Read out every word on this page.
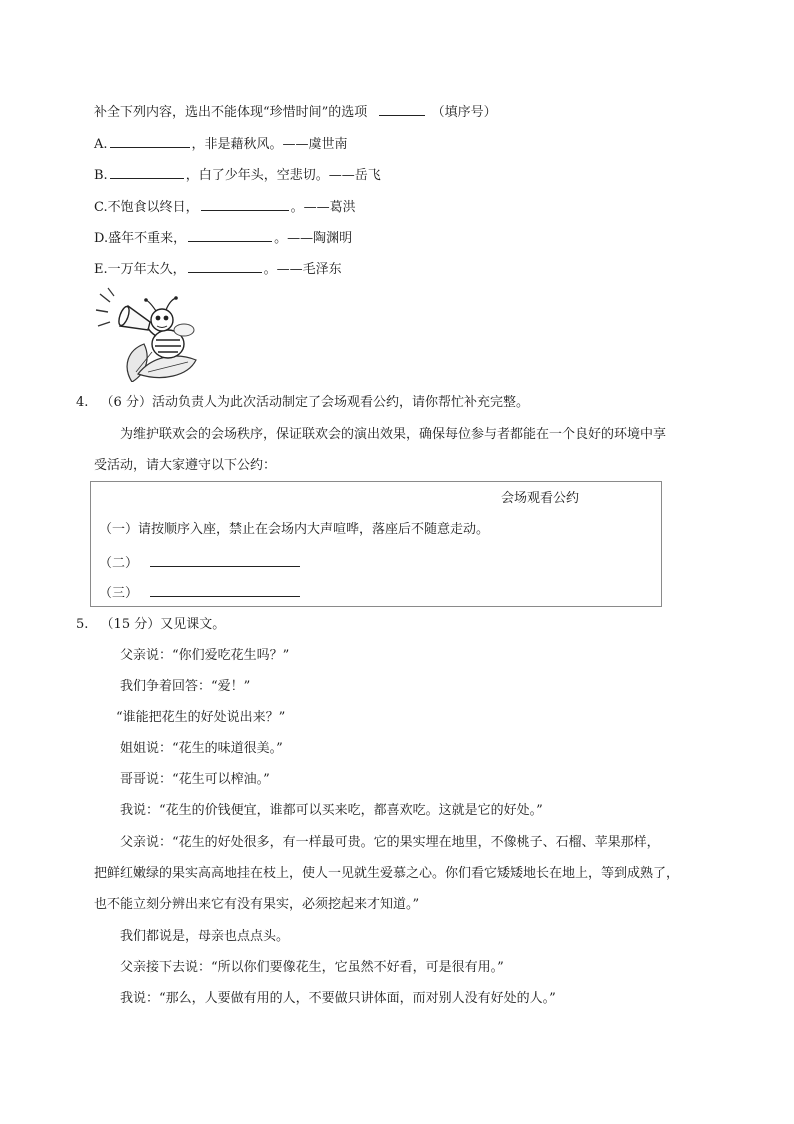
补全下列内容，选出不能体现“珍惜时间”的选项	（填序号）
A.	，非是藉秋风。——虞世南
B.	，白了少年头，空悲切。——岳飞
C.不饱食以终日，	。——葛洪
D.盛年不重来，	。——陶渊明
E.一万年太久，	。——毛泽东
4. （6 分）活动负责人为此次活动制定了会场观看公约，请你帮忙补充完整。
为维护联欢会的会场秩序，保证联欢会的演出效果，确保每位参与者都能在一个良好的环境中享
受活动，请大家遵守以下公约：
会场观看公约
（一）请按顺序入座，禁止在会场内大声喧哗，落座后不随意走动。
（二）
（三）
5. （15 分）又见课文。
父亲说：“你们爱吃花生吗？”
我们争着回答：“爱！”
“谁能把花生的好处说出来？”
姐姐说：“花生的味道很美。”
哥哥说：“花生可以榨油。”
我说：“花生的价钱便宜，谁都可以买来吃，都喜欢吃。这就是它的好处。”
父亲说：“花生的好处很多，有一样最可贵。它的果实埋在地里，不像桃子、石榴、苹果那样，
把鲜红嫩绿的果实高高地挂在枝上，使人一见就生爱慕之心。你们看它矮矮地长在地上，等到成熟了，
也不能立刻分辨出来它有没有果实，必须挖起来才知道。”
我们都说是，母亲也点点头。
父亲接下去说：“所以你们要像花生，它虽然不好看，可是很有用。”
我说：“那么，人要做有用的人，不要做只讲体面，而对别人没有好处的人。”
